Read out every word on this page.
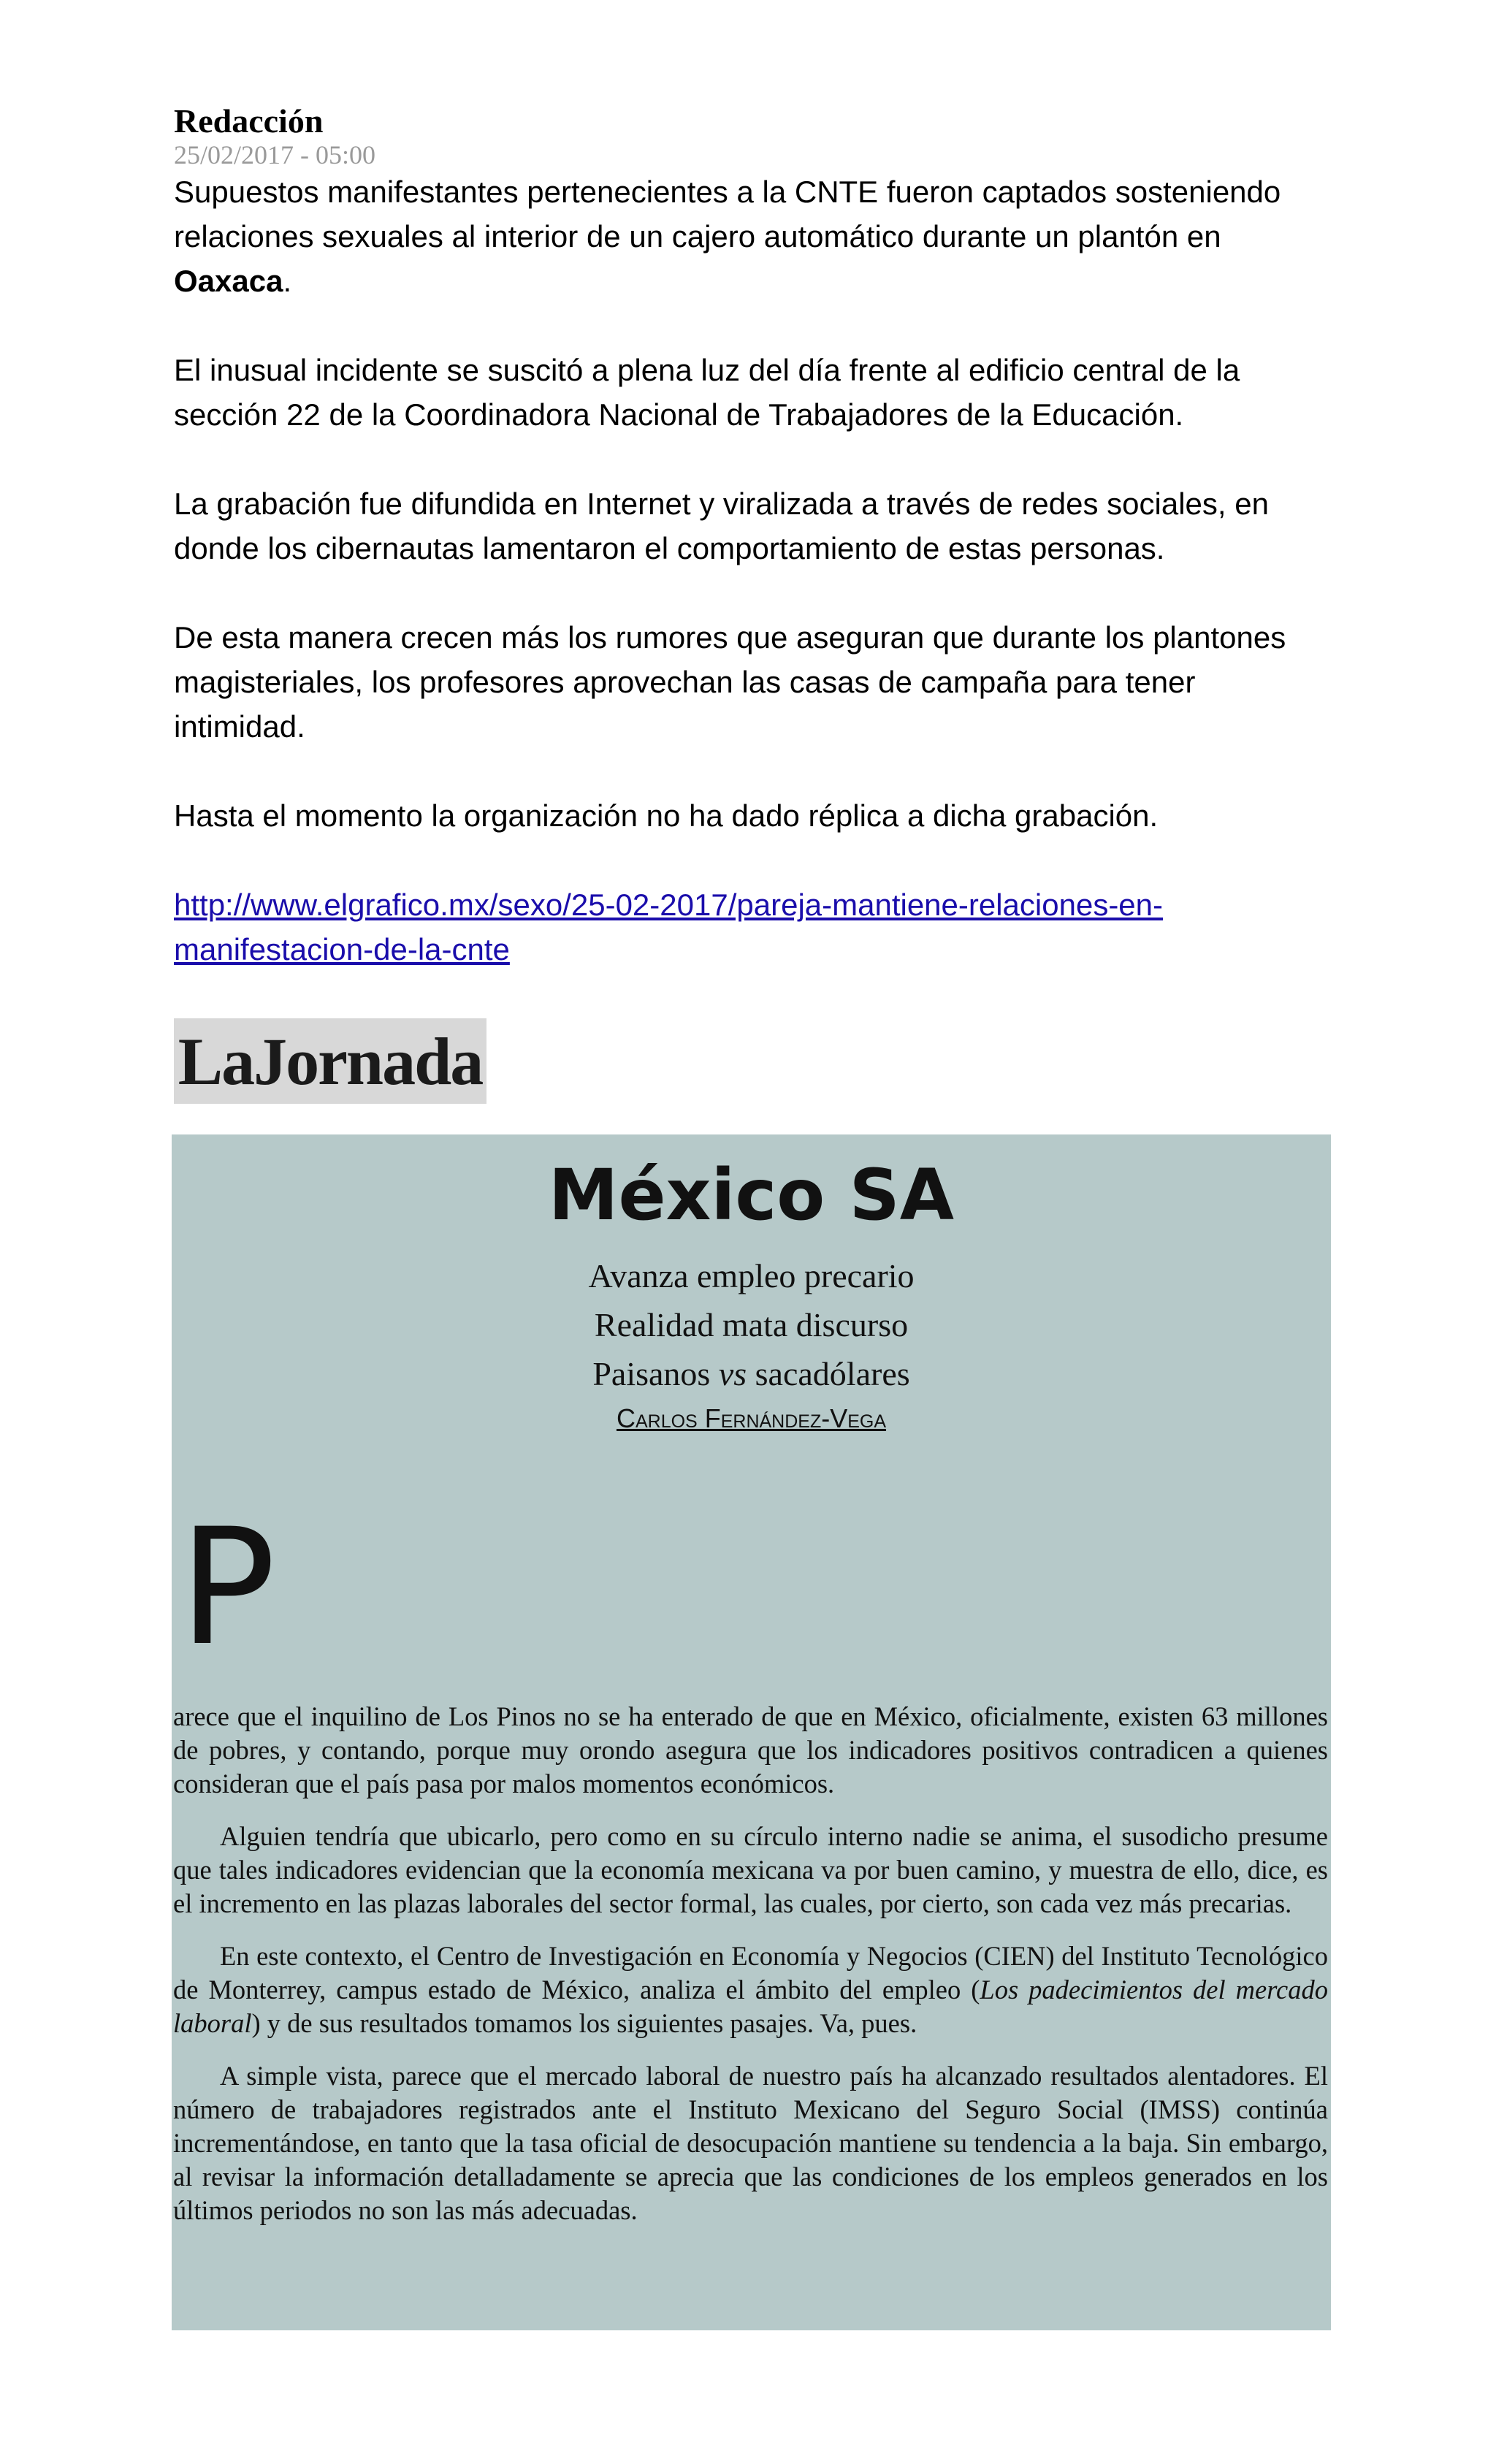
Redacción
25/02/2017 - 05:00

Supuestos manifestantes pertenecientes a la CNTE fueron captados sosteniendo relaciones sexuales al interior de un cajero automático durante un plantón en Oaxaca.

El inusual incidente se suscitó a plena luz del día frente al edificio central de la sección 22 de la Coordinadora Nacional de Trabajadores de la Educación.

La grabación fue difundida en Internet y viralizada a través de redes sociales, en donde los cibernautas lamentaron el comportamiento de estas personas.

De esta manera crecen más los rumores que aseguran que durante los plantones magisteriales, los profesores aprovechan las casas de campaña para tener intimidad.

Hasta el momento la organización no ha dado réplica a dicha grabación.

http://www.elgrafico.mx/sexo/25-02-2017/pareja-mantiene-relaciones-en-manifestacion-de-la-cnte
LaJornada
México SA
Avanza empleo precario
Realidad mata discurso
Paisanos vs sacadólares
Carlos Fernández-Vega
P

arece que el inquilino de Los Pinos no se ha enterado de que en México, oficialmente, existen 63 millones de pobres, y contando, porque muy orondo asegura que los indicadores positivos contradicen a quienes consideran que el país pasa por malos momentos económicos.

Alguien tendría que ubicarlo, pero como en su círculo interno nadie se anima, el susodicho presume que tales indicadores evidencian que la economía mexicana va por buen camino, y muestra de ello, dice, es el incremento en las plazas laborales del sector formal, las cuales, por cierto, son cada vez más precarias.

En este contexto, el Centro de Investigación en Economía y Negocios (CIEN) del Instituto Tecnológico de Monterrey, campus estado de México, analiza el ámbito del empleo (Los padecimientos del mercado laboral) y de sus resultados tomamos los siguientes pasajes. Va, pues.

A simple vista, parece que el mercado laboral de nuestro país ha alcanzado resultados alentadores. El número de trabajadores registrados ante el Instituto Mexicano del Seguro Social (IMSS) continúa incrementándose, en tanto que la tasa oficial de desocupación mantiene su tendencia a la baja. Sin embargo, al revisar la información detalladamente se aprecia que las condiciones de los empleos generados en los últimos periodos no son las más adecuadas.
